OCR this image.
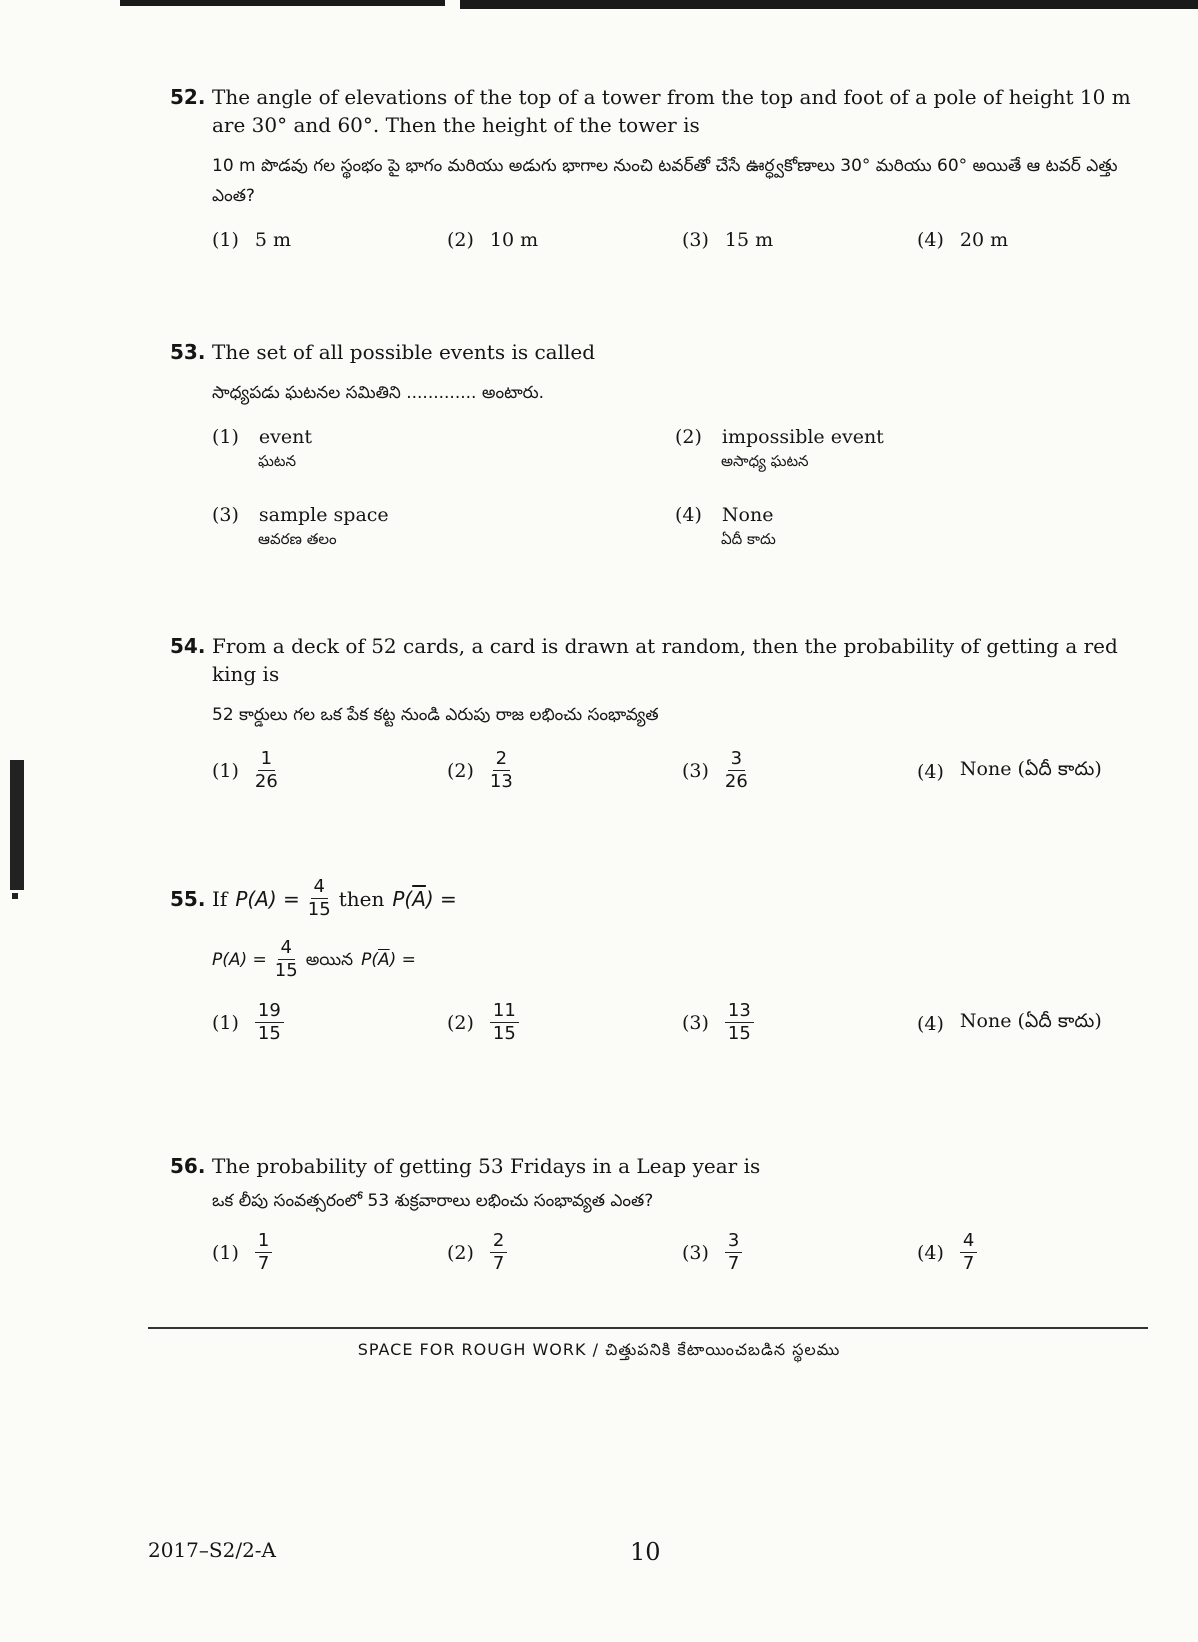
52. The angle of elevations of the top of a tower from the top and foot of a pole of height 10 m are 30° and 60°. Then the height of the tower is
10 m పొడవు గల స్థంభం పై భాగం మరియు అడుగు భాగాల నుంచి టవర్‌తో చేసే ఊర్ధ్వకోణాలు 30° మరియు 60° అయితే ఆ టవర్ ఎత్తు ఎంత?
(1) 5 m	(2) 10 m	(3) 15 m	(4) 20 m
53. The set of all possible events is called
సాధ్యపడు ఘటనల సమితిని ............. అంటారు.
(1) event
ఘటన
(2) impossible event
అసాధ్య ఘటన
(3) sample space
ఆవరణ తలం
(4) None
ఏదీ కాదు
54. From a deck of 52 cards, a card is drawn at random, then the probability of getting a red king is
52 కార్డులు గల ఒక పేక కట్ట నుండి ఎరుపు రాజ లభించు సంభావ్యత
$(1) \frac{1}{26}$	$(2) \frac{2}{13}$	$(3) \frac{3}{26}$	(4) None (ఏదీ కాదు)
55. If $P(A) = \frac{4}{15}$ then $P(\overline{A})$ =
$P(A) = \frac{4}{15}$ అయిన $P(\overline{A})$ =
$(1) \frac{19}{15}$	$(2) \frac{11}{15}$	$(3) \frac{13}{15}$	(4) None (ఏదీ కాదు)
56. The probability of getting 53 Fridays in a Leap year is
ఒక లీపు సంవత్సరంలో 53 శుక్రవారాలు లభించు సంభావ్యత ఎంత?
$(1) \frac{1}{7}$	$(2) \frac{2}{7}$	$(3) \frac{3}{7}$	$(4) \frac{4}{7}$
SPACE FOR ROUGH WORK / చిత్తుపనికి కేటాయించబడిన స్థలము
2017–S2/2-A	10
